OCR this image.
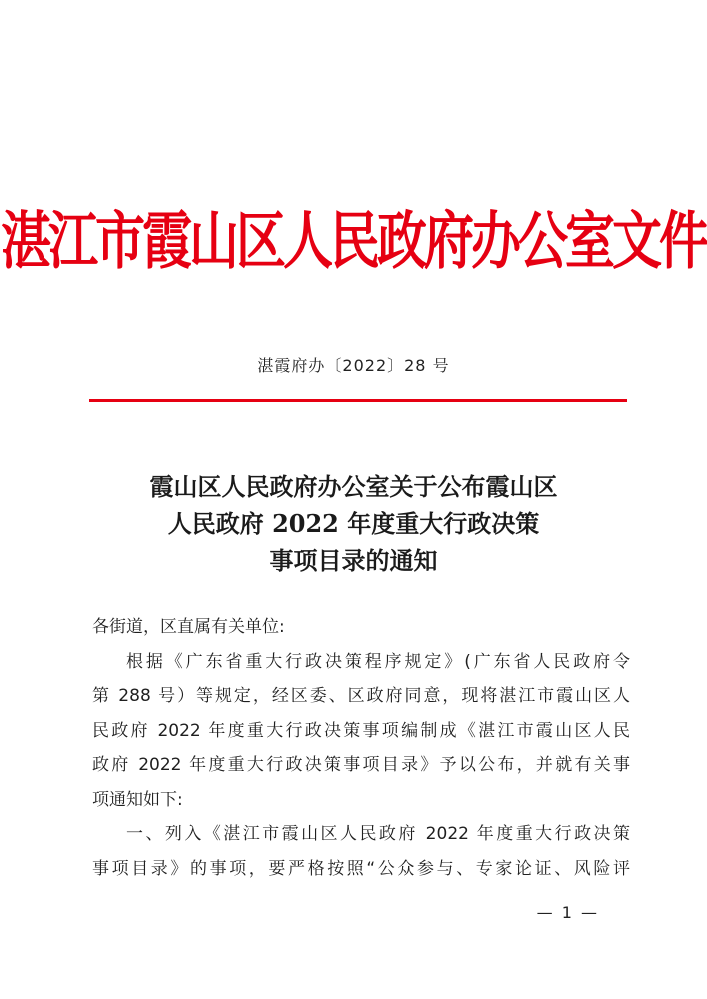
湛江市霞山区人民政府办公室文件
湛霞府办〔2022〕28 号
霞山区人民政府办公室关于公布霞山区
人民政府 2022 年度重大行政决策
事项目录的通知
各街道，区直属有关单位:
根据《广东省重大行政决策程序规定》(广东省人民政府令
第 288 号）等规定，经区委、区政府同意，现将湛江市霞山区人
民政府 2022 年度重大行政决策事项编制成《湛江市霞山区人民
政府 2022 年度重大行政决策事项目录》予以公布，并就有关事
项通知如下:
一、列入《湛江市霞山区人民政府 2022 年度重大行政决策
事项目录》的事项，要严格按照“公众参与、专家论证、风险评
— 1 —
